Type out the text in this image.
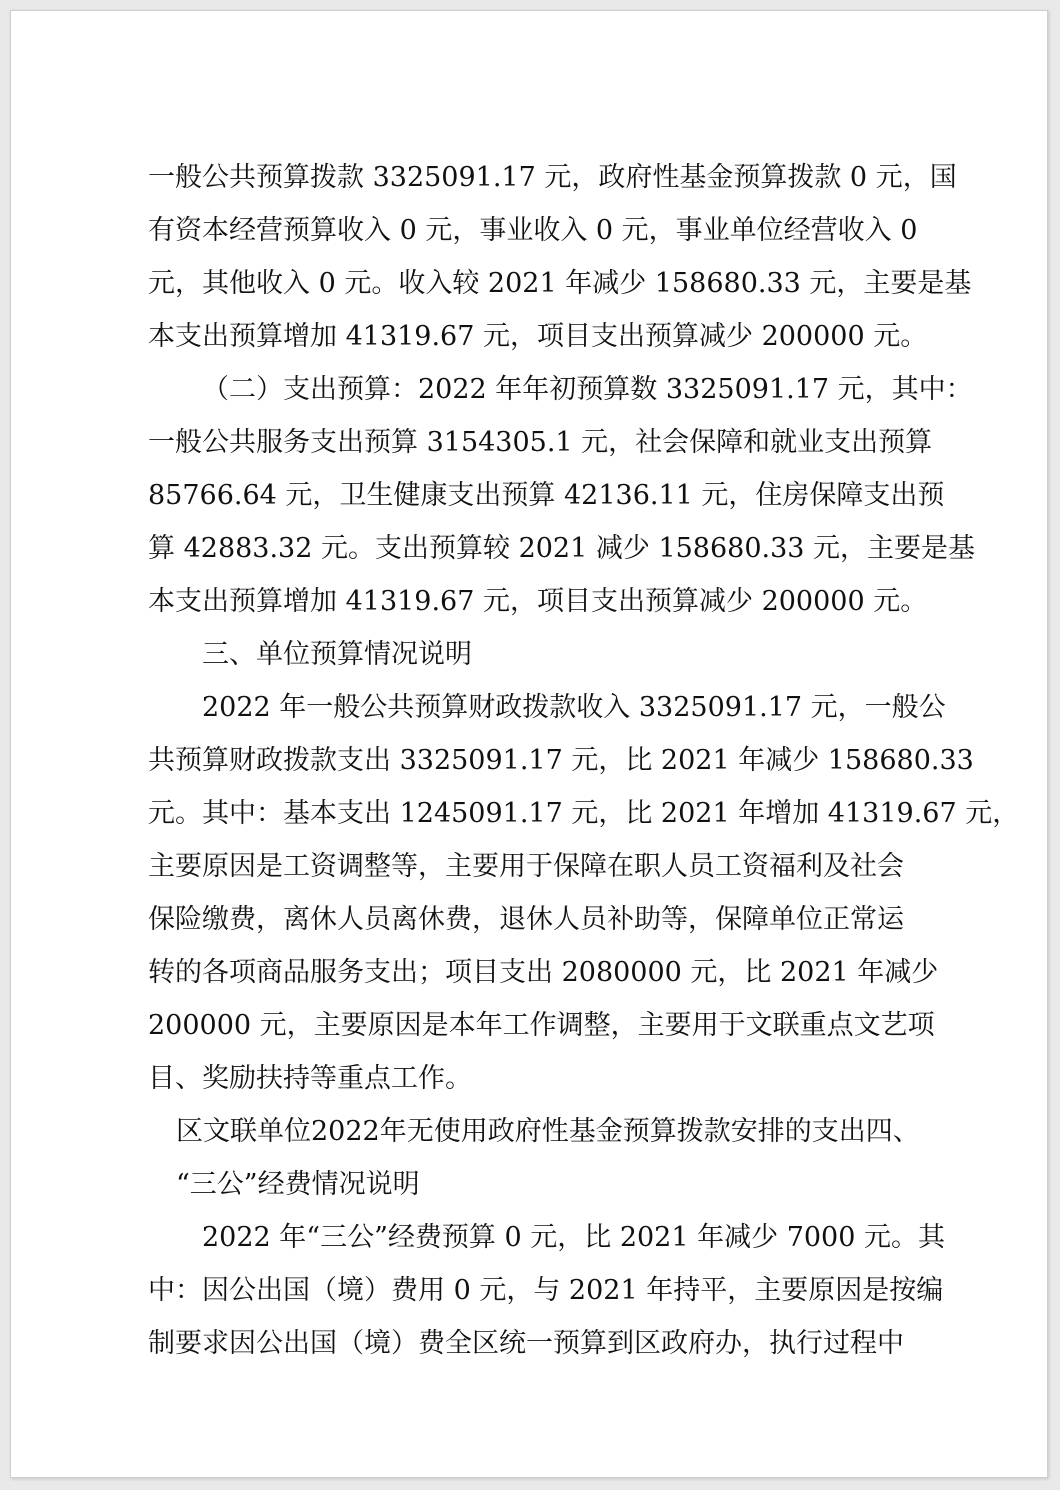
一般公共预算拨款 3325091.17 元，政府性基金预算拨款 0 元，国
有资本经营预算收入 0 元，事业收入 0 元，事业单位经营收入 0
元，其他收入 0 元。收入较 2021 年减少 158680.33 元，主要是基
本支出预算增加 41319.67 元，项目支出预算减少 200000 元。
（二）支出预算：2022 年年初预算数 3325091.17 元，其中：
一般公共服务支出预算 3154305.1 元，社会保障和就业支出预算
85766.64 元，卫生健康支出预算 42136.11 元，住房保障支出预
算 42883.32 元。支出预算较 2021 减少 158680.33 元，主要是基
本支出预算增加 41319.67 元，项目支出预算减少 200000 元。
三、单位预算情况说明
2022 年一般公共预算财政拨款收入 3325091.17 元，一般公
共预算财政拨款支出 3325091.17 元，比 2021 年减少 158680.33
元。其中：基本支出 1245091.17 元，比 2021 年增加 41319.67 元，
主要原因是工资调整等，主要用于保障在职人员工资福利及社会
保险缴费，离休人员离休费，退休人员补助等，保障单位正常运
转的各项商品服务支出；项目支出 2080000 元，比 2021 年减少
200000 元，主要原因是本年工作调整，主要用于文联重点文艺项
目、奖励扶持等重点工作。
区文联单位2022年无使用政府性基金预算拨款安排的支出四、
“三公”经费情况说明
2022 年“三公”经费预算 0 元，比 2021 年减少 7000 元。其
中：因公出国（境）费用 0 元，与 2021 年持平，主要原因是按编
制要求因公出国（境）费全区统一预算到区政府办，执行过程中
